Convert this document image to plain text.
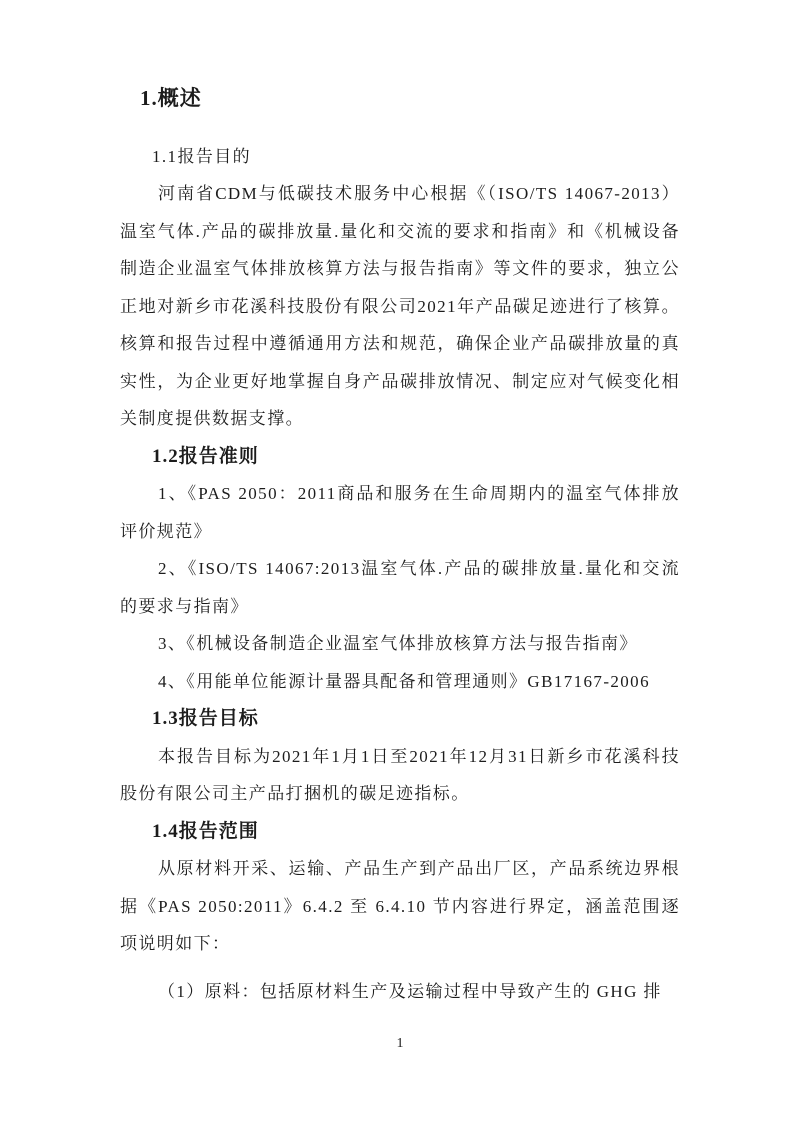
1.概述
1.1报告目的
河南省CDM与低碳技术服务中心根据《（ISO/TS 14067-2013）温室气体.产品的碳排放量.量化和交流的要求和指南》和《机械设备制造企业温室气体排放核算方法与报告指南》等文件的要求，独立公正地对新乡市花溪科技股份有限公司2021年产品碳足迹进行了核算。核算和报告过程中遵循通用方法和规范，确保企业产品碳排放量的真实性，为企业更好地掌握自身产品碳排放情况、制定应对气候变化相关制度提供数据支撑。
1.2报告准则
1、《PAS 2050：2011商品和服务在生命周期内的温室气体排放评价规范》
2、《ISO/TS 14067:2013温室气体.产品的碳排放量.量化和交流的要求与指南》
3、《机械设备制造企业温室气体排放核算方法与报告指南》
4、《用能单位能源计量器具配备和管理通则》GB17167-2006
1.3报告目标
本报告目标为2021年1月1日至2021年12月31日新乡市花溪科技股份有限公司主产品打捆机的碳足迹指标。
1.4报告范围
从原材料开采、运输、产品生产到产品出厂区，产品系统边界根据《PAS 2050:2011》6.4.2 至 6.4.10 节内容进行界定，涵盖范围逐项说明如下：
（1）原料：包括原材料生产及运输过程中导致产生的 GHG 排
1
